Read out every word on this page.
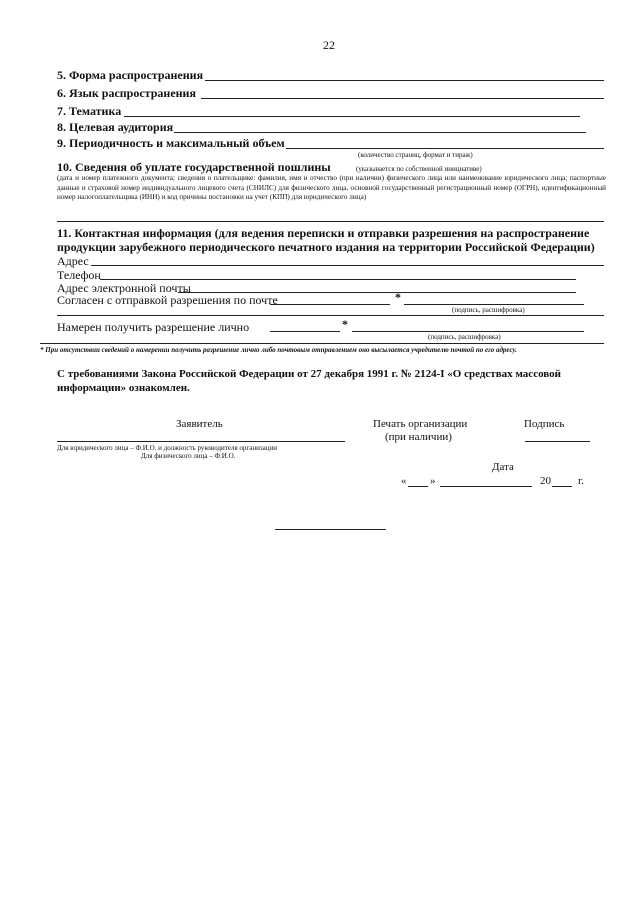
22
5. Форма распространения
6. Язык распространения
7. Тематика
8. Целевая аудитория
9. Периодичность и максимальный объем
(количество страниц, формат и тираж)
10. Сведения об уплате государственной пошлины	(указывается по собственной инициативе)
(дата и номер платежного документа; сведения о плательщике: фамилия, имя и отчество (при наличии) физического лица или наименование юридического лица; паспортные данные и страховой номер индивидуального лицевого счета (СНИЛС) для физического лица, основной государственный регистрационный номер (ОГРН), идентификационный номер налогоплательщика (ИНН) и код причины постановки на учет (КПП) для юридического лица)
11. Контактная информация (для ведения переписки и отправки разрешения на распространение
продукции зарубежного периодического печатного издания на территории Российской Федерации)
Адрес
Телефон
Адрес электронной почты
Согласен с отправкой разрешения по почте	*
(подпись, расшифровка)
Намерен получить разрешение лично	*
(подпись, расшифровка)
* При отсутствии сведений о намерении получить разрешение лично либо почтовым отправлением оно высылается учредителю почтой по его адресу.
С требованиями Закона Российской Федерации от 27 декабря 1991 г. № 2124-I «О средствах массовой
информации» ознакомлен.
Заявитель	Печать организации
(при наличии)
Подпись
Для юридического лица – Ф.И.О. и должность руководителя организации
Для физического лица – Ф.И.О.
Дата
« »	20 г.
